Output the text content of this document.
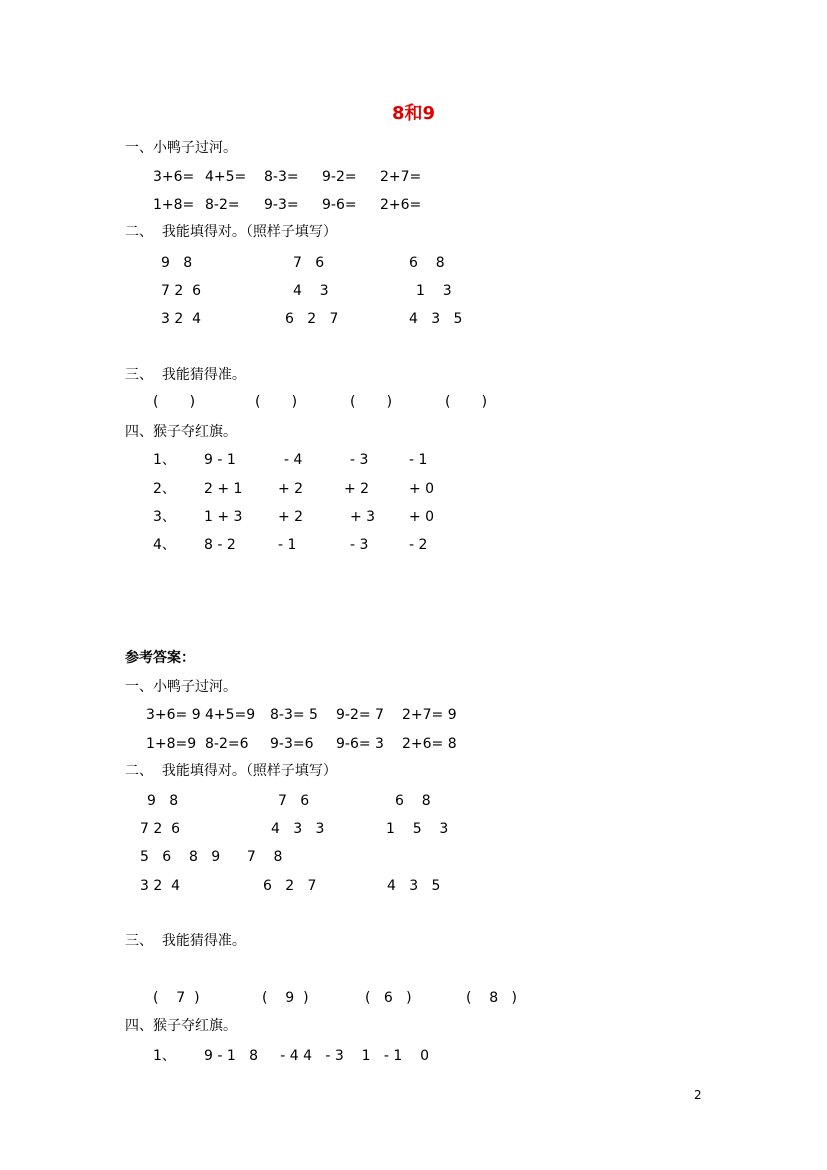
8和9
一、小鸭子过河。
3+6= 4+5= 8-3= 9-2= 2+7=
1+8= 8-2= 9-3= 9-6= 2+6=
二、  我能填得对。（照样子填写）
9   8	7   6	6    8
7 2  6	4    3	1    3
3 2  4	6   2   7	4   3   5
三、  我能猜得准。
(       )	(       )	(       )	(       )
四、猴子夺红旗。
1、 9 - 1	- 4	- 3	- 1
2、 2 + 1	+ 2	+ 2	+ 0
3、 1 + 3	+ 2	+ 3 + 0
4、 8 - 2	- 1	- 3	- 2
参考答案：
一、小鸭子过河。
3+6= 9 4+5=9 8-3= 5 9-2= 7 2+7= 9
1+8=9 8-2=6 9-3=6 9-6= 3 2+6= 8
二、  我能填得对。（照样子填写）
9   8	7   6	6    8
7 2  6	4   3   3	1    5    3
5   6    8   9      7    8
3 2  4	6   2   7	4   3   5
三、  我能猜得准。
(    7  )	(    9  )	(   6   )	(    8   )
四、猴子夺红旗。
1、 9 - 1   8     - 4 4   - 3    1   - 1    0
2
